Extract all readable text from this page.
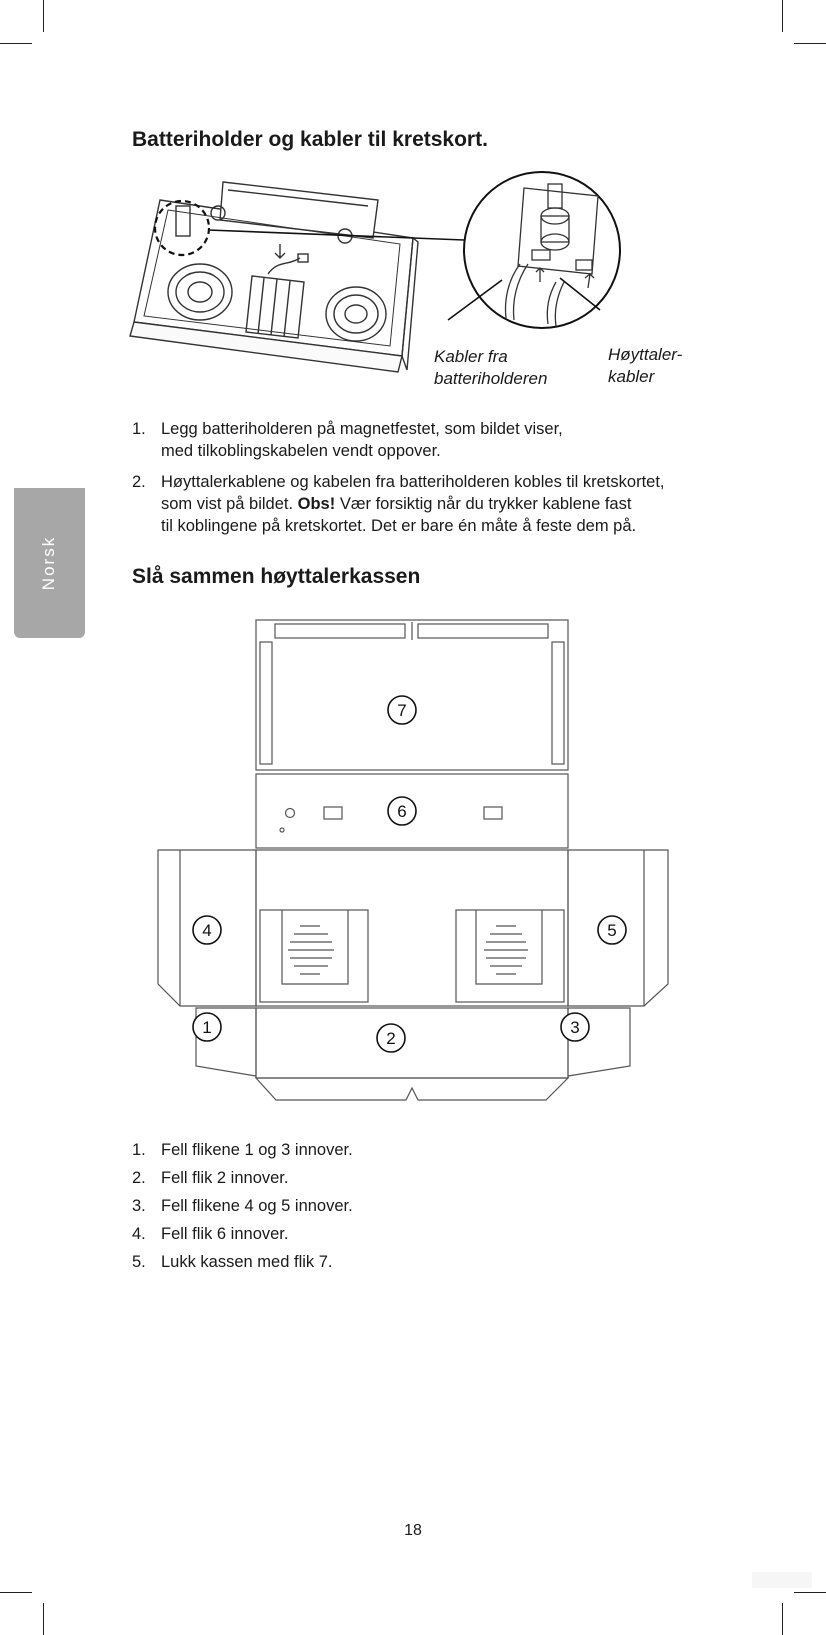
Norsk
Batteriholder og kabler til kretskort.
Kabler fra
batteriholderen
Høyttaler-
kabler
1. Legg batteriholderen på magnetfestet, som bildet viser,
med tilkoblingskabelen vendt oppover.
2. Høyttalerkablene og kabelen fra batteriholderen kobles til kretskortet,
som vist på bildet. Obs! Vær forsiktig når du trykker kablene fast
til koblingene på kretskortet. Det er bare én måte å feste dem på.
Slå sammen høyttalerkassen
1
2
3
4	5
6
7
1. Fell flikene 1 og 3 innover.
2. Fell flik 2 innover.
3. Fell flikene 4 og 5 innover.
4. Fell flik 6 innover.
5. Lukk kassen med flik 7.
18
